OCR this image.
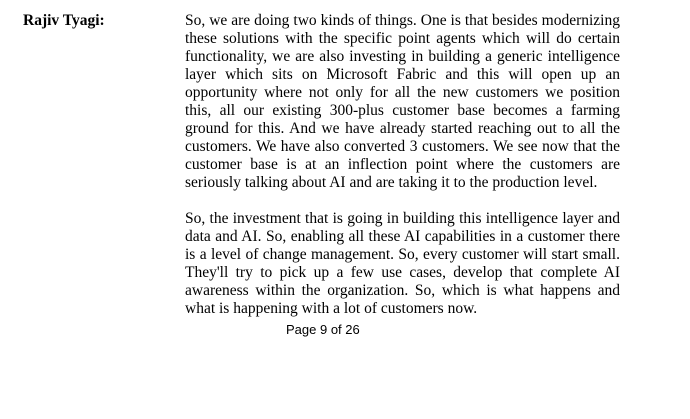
Rajiv Tyagi:	So, we are doing two kinds of things. One is that besides modernizing these solutions with the specific point agents which will do certain functionality, we are also investing in building a generic intelligence layer which sits on Microsoft Fabric and this will open up an opportunity where not only for all the new customers we position this, all our existing 300-plus customer base becomes a farming ground for this. And we have already started reaching out to all the customers. We have also converted 3 customers. We see now that the customer base is at an inflection point where the customers are seriously talking about AI and are taking it to the production level.

So, the investment that is going in building this intelligence layer and data and AI. So, enabling all these AI capabilities in a customer there is a level of change management. So, every customer will start small. They'll try to pick up a few use cases, develop that complete AI awareness within the organization. So, which is what happens and what is happening with a lot of customers now.

Page 9 of 26
